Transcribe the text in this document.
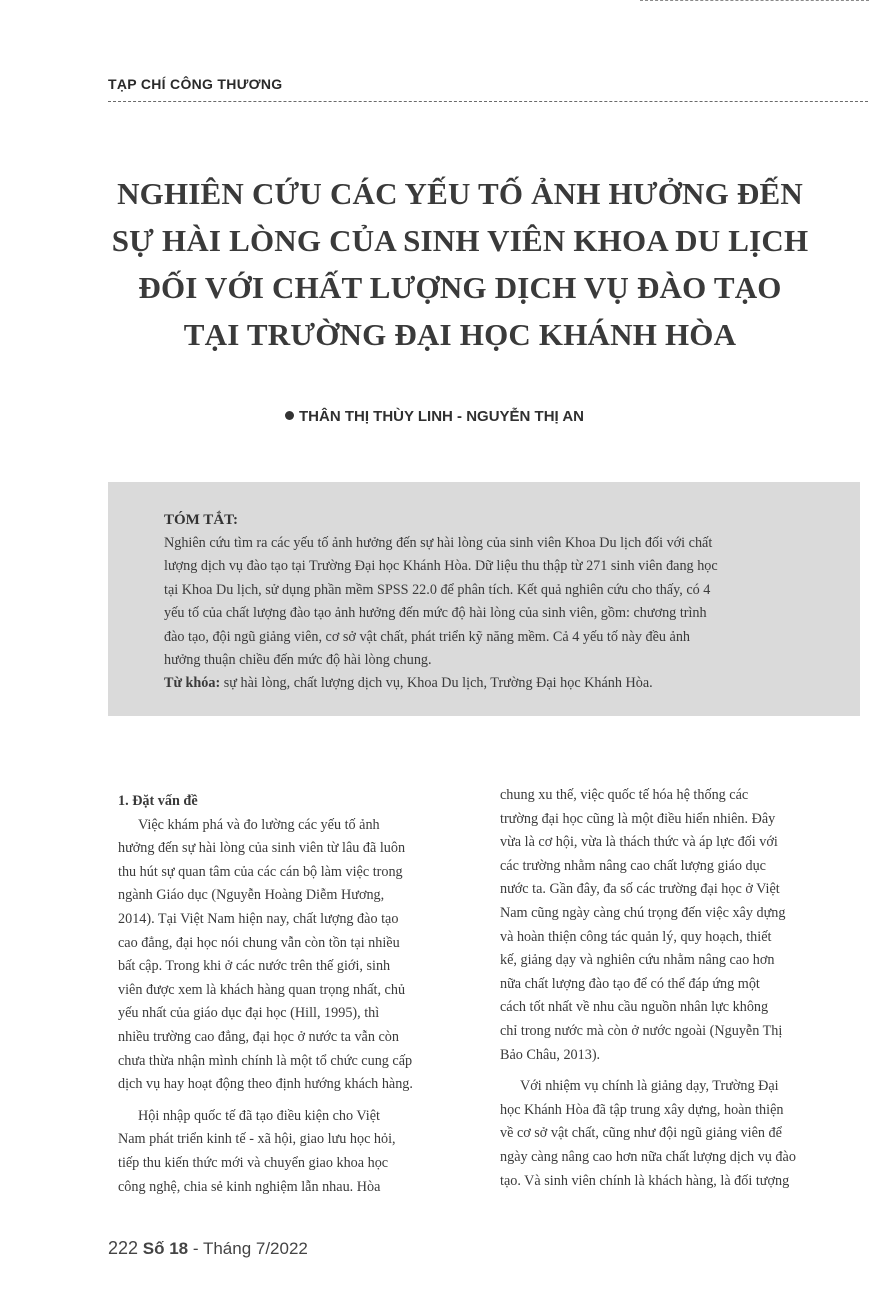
TẠP CHÍ CÔNG THƯƠNG
NGHIÊN CỨU CÁC YẾU TỐ ẢNH HƯỞNG ĐẾN
SỰ HÀI LÒNG CỦA SINH VIÊN KHOA DU LỊCH
ĐỐI VỚI CHẤT LƯỢNG DỊCH VỤ ĐÀO TẠO
TẠI TRƯỜNG ĐẠI HỌC KHÁNH HÒA
THÂN THỊ THÙY LINH - NGUYỄN THỊ AN
TÓM TẮT:
Nghiên cứu tìm ra các yếu tố ảnh hưởng đến sự hài lòng của sinh viên Khoa Du lịch đối với chất
lượng dịch vụ đào tạo tại Trường Đại học Khánh Hòa. Dữ liệu thu thập từ 271 sinh viên đang học
tại Khoa Du lịch, sử dụng phần mềm SPSS 22.0 để phân tích. Kết quả nghiên cứu cho thấy, có 4
yếu tố của chất lượng đào tạo ảnh hưởng đến mức độ hài lòng của sinh viên, gồm: chương trình
đào tạo, đội ngũ giảng viên, cơ sở vật chất, phát triển kỹ năng mềm. Cả 4 yếu tố này đều ảnh
hưởng thuận chiều đến mức độ hài lòng chung.
Từ khóa: sự hài lòng, chất lượng dịch vụ, Khoa Du lịch, Trường Đại học Khánh Hòa.
1. Đặt vấn đề
Việc khám phá và đo lường các yếu tố ảnh
hưởng đến sự hài lòng của sinh viên từ lâu đã luôn
thu hút sự quan tâm của các cán bộ làm việc trong
ngành Giáo dục (Nguyễn Hoàng Diễm Hương,
2014). Tại Việt Nam hiện nay, chất lượng đào tạo
cao đẳng, đại học nói chung vẫn còn tồn tại nhiều
bất cập. Trong khi ở các nước trên thế giới, sinh
viên được xem là khách hàng quan trọng nhất, chủ
yếu nhất của giáo dục đại học (Hill, 1995), thì
nhiều trường cao đẳng, đại học ở nước ta vẫn còn
chưa thừa nhận mình chính là một tổ chức cung cấp
dịch vụ hay hoạt động theo định hướng khách hàng.
Hội nhập quốc tế đã tạo điều kiện cho Việt
Nam phát triển kinh tế - xã hội, giao lưu học hỏi,
tiếp thu kiến thức mới và chuyển giao khoa học
công nghệ, chia sẻ kinh nghiệm lẫn nhau. Hòa
chung xu thế, việc quốc tế hóa hệ thống các
trường đại học cũng là một điều hiển nhiên. Đây
vừa là cơ hội, vừa là thách thức và áp lực đối với
các trường nhằm nâng cao chất lượng giáo dục
nước ta. Gần đây, đa số các trường đại học ở Việt
Nam cũng ngày càng chú trọng đến việc xây dựng
và hoàn thiện công tác quản lý, quy hoạch, thiết
kế, giảng dạy và nghiên cứu nhằm nâng cao hơn
nữa chất lượng đào tạo để có thể đáp ứng một
cách tốt nhất về nhu cầu nguồn nhân lực không
chỉ trong nước mà còn ở nước ngoài (Nguyễn Thị
Bảo Châu, 2013).
Với nhiệm vụ chính là giảng dạy, Trường Đại
học Khánh Hòa đã tập trung xây dựng, hoàn thiện
về cơ sở vật chất, cũng như đội ngũ giảng viên để
ngày càng nâng cao hơn nữa chất lượng dịch vụ đào
tạo. Và sinh viên chính là khách hàng, là đối tượng
222 Số 18 - Tháng 7/2022
